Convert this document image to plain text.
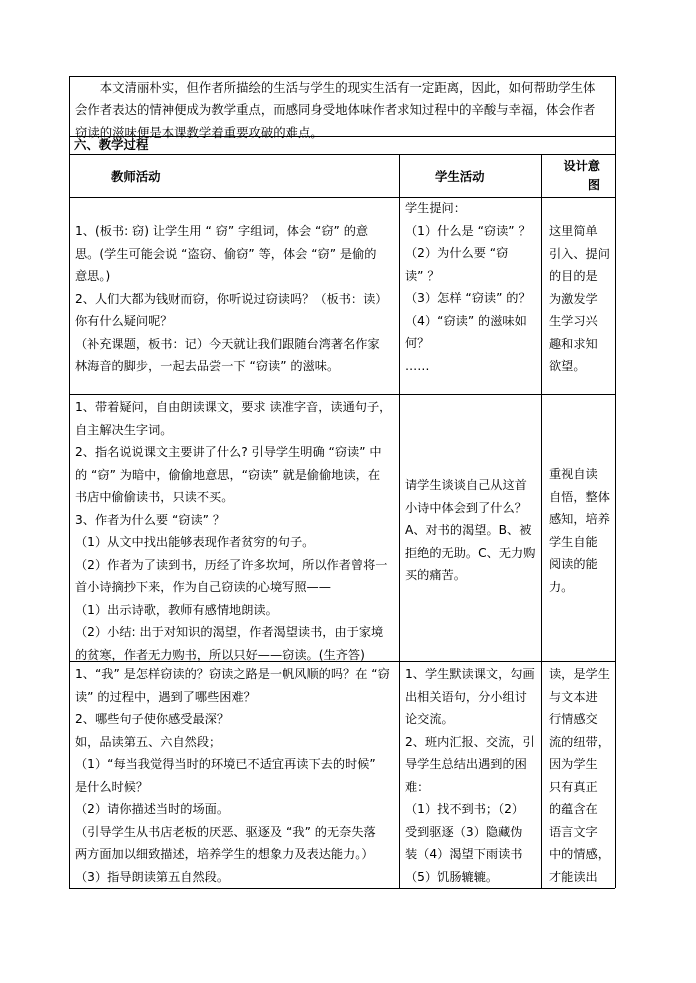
　　本文清丽朴实，但作者所描绘的生活与学生的现实生活有一定距离，因此，如何帮助学生体
会作者表达的情神便成为教学重点，而感同身受地体味作者求知过程中的辛酸与幸福，体会作者
窃读的滋味便是本课教学着重要攻破的难点。
六、教学过程
教师活动	学生活动
设计意图
1、(板书: 窃) 让学生用 “ 窃” 字组词，体会 “窃” 的意
思。(学生可能会说 “盗窃、偷窃” 等，体会 “窃” 是偷的
意思。)
2、人们大都为钱财而窃，你听说过窃读吗？（板书：读）
你有什么疑问呢？
（补充课题，板书：记）今天就让我们跟随台湾著名作家
林海音的脚步，一起去品尝一下 “窃读” 的滋味。
学生提问：
（1）什么是 “窃读” ？
（2）为什么要 “窃
读” ？
（3）怎样 “窃读” 的？
（4）“窃读” 的滋味如
何？
……
这里简单
引入、提问
的目的是
为激发学
生学习兴
趣和求知
欲望。
1、带着疑问，自由朗读课文，要求 读准字音，读通句子，
自主解决生字词。
2、指名说说课文主要讲了什么? 引导学生明确 “窃读” 中
的 “窃” 为暗中，偷偷地意思，“窃读” 就是偷偷地读，在
书店中偷偷读书，只读不买。
3、作者为什么要 “窃读” ？
（1）从文中找出能够表现作者贫穷的句子。
（2）作者为了读到书，历经了许多坎坷，所以作者曾将一
首小诗摘抄下来，作为自己窃读的心境写照——
（1）出示诗歌，教师有感情地朗读。
（2）小结: 出于对知识的渴望，作者渴望读书，由于家境
的贫寒，作者无力购书，所以只好——窃读。(生齐答)
请学生谈谈自己从这首
小诗中体会到了什么？
A、对书的渴望。B、被
拒绝的无助。C、无力购
买的痛苦。
重视自读
自悟，整体
感知，培养
学生自能
阅读的能
力。
1、“我” 是怎样窃读的？窃读之路是一帆风顺的吗？在 “窃
读” 的过程中，遇到了哪些困难？
2、哪些句子使你感受最深？
如，品读第五、六自然段；
（1）“每当我觉得当时的环境已不适宜再读下去的时候”
是什么时候？
（2）请你描述当时的场面。
（引导学生从书店老板的厌恶、驱逐及 “我” 的无奈失落
两方面加以细致描述，培养学生的想象力及表达能力。）
（3）指导朗读第五自然段。
1、学生默读课文，勾画
出相关语句，分小组讨
论交流。
2、班内汇报、交流，引
导学生总结出遇到的困
难：
（1）找不到书；（2）
受到驱逐（3）隐藏伪
装（4）渴望下雨读书
（5）饥肠辘辘。
读，是学生
与文本进
行情感交
流的纽带，
因为学生
只有真正
的蕴含在
语言文字
中的情感，
才能读出
